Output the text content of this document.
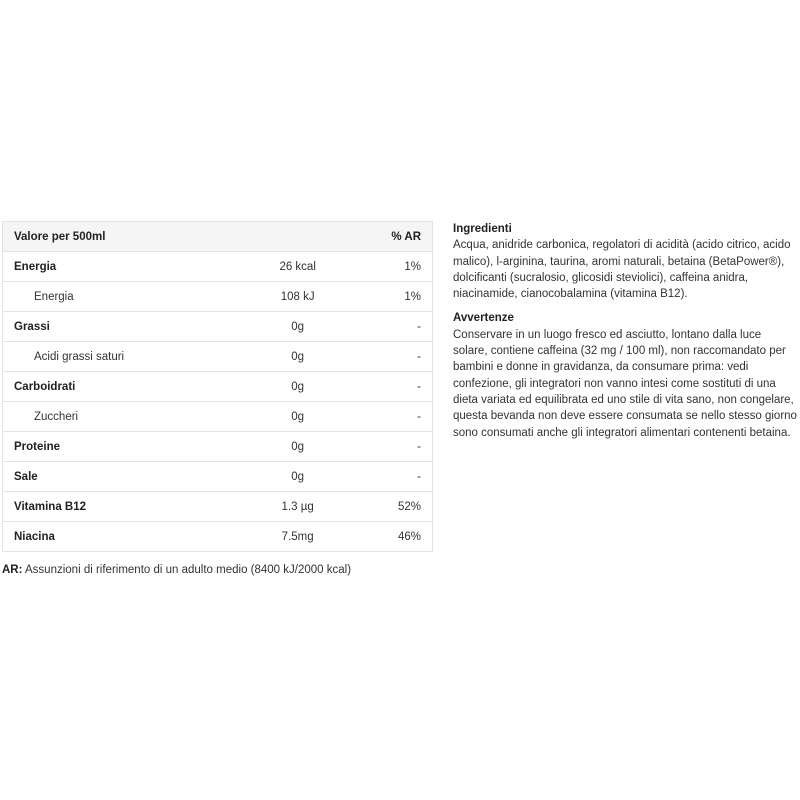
Valore per 500ml		% AR
Energia	26 kcal	1%
Energia	108 kJ	1%
Grassi	0g	-
Acidi grassi saturi	0g	-
Carboidrati	0g	-
Zuccheri	0g	-
Proteine	0g	-
Sale	0g	-
Vitamina B12	1.3 µg	52%
Niacina	7.5mg	46%
AR: Assunzioni di riferimento di un adulto medio (8400 kJ/2000 kcal)
Ingredienti

Acqua, anidride carbonica, regolatori di acidità (acido citrico, acido malico), l-arginina, taurina, aromi naturali, betaina (BetaPower®), dolcificanti (sucralosio, glicosidi steviolici), caffeina anidra, niacinamide, cianocobalamina (vitamina B12).

Avvertenze

Conservare in un luogo fresco ed asciutto, lontano dalla luce solare, contiene caffeina (32 mg / 100 ml), non raccomandato per bambini e donne in gravidanza, da consumare prima: vedi confezione, gli integratori non vanno intesi come sostituti di una dieta variata ed equilibrata ed uno stile di vita sano, non congelare, questa bevanda non deve essere consumata se nello stesso giorno sono consumati anche gli integratori alimentari contenenti betaina.
